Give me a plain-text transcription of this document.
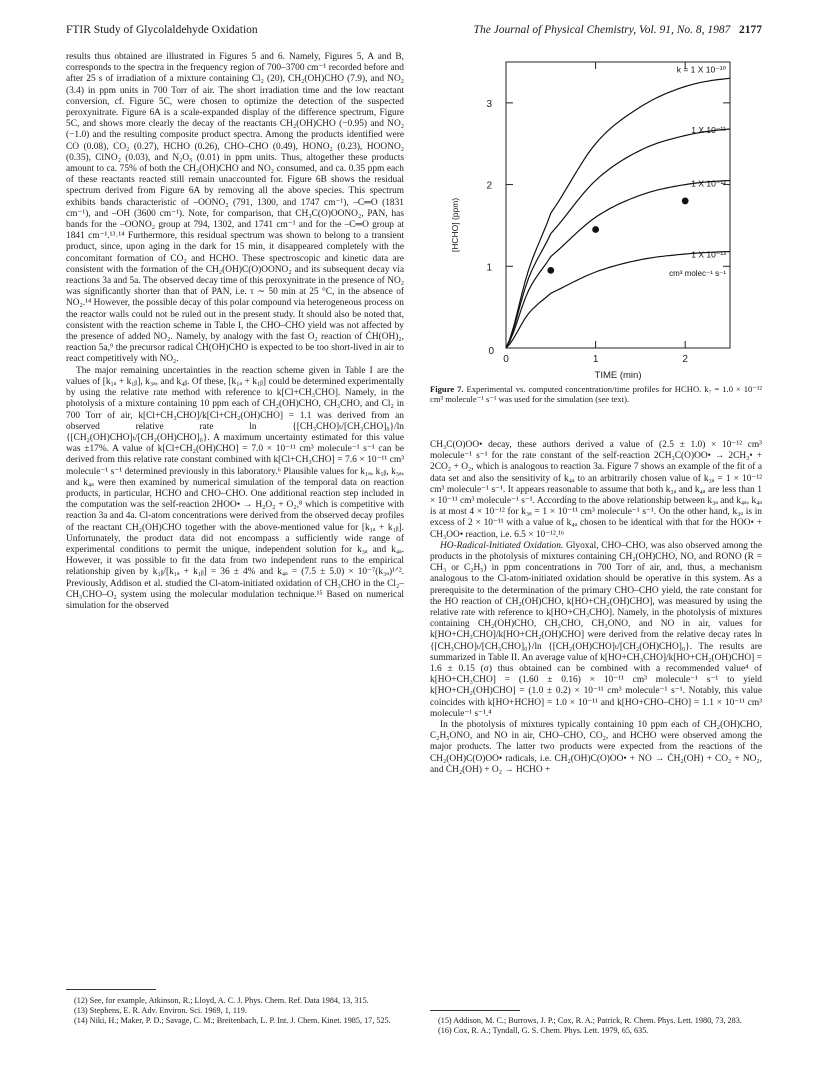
FTIR Study of Glycolaldehyde Oxidation	The Journal of Physical Chemistry, Vol. 91, No. 8, 1987 2177

results thus obtained are illustrated in Figures 5 and 6. Namely, Figures 5, A and B, corresponds to the spectra in the frequency region of 700–3700 cm⁻¹ recorded before and after 25 s of irradiation of a mixture containing Cl₂ (20), CH₂(OH)CHO (7.9), and NO₂ (3.4) in ppm units in 700 Torr of air. The short irradiation time and the low reactant conversion, cf. Figure 5C, were chosen to optimize the detection of the suspected peroxynitrate. Figure 6A is a scale-expanded display of the difference spectrum, Figure 5C, and shows more clearly the decay of the reactants CH₂(OH)CHO (−0.95) and NO₂ (−1.0) and the resulting composite product spectra. Among the products identified were CO (0.08), CO₂ (0.27), HCHO (0.26), CHO–CHO (0.49), HONO₂ (0.23), HOONO₂ (0.35), ClNO₂ (0.03), and N₂O₅ (0.01) in ppm units. Thus, altogether these products amount to ca. 75% of both the CH₂(OH)CHO and NO₂ consumed, and ca. 0.35 ppm each of these reactants reacted still remain unaccounted for. Figure 6B shows the residual spectrum derived from Figure 6A by removing all the above species. This spectrum exhibits bands characteristic of –OONO₂ (791, 1300, and 1747 cm⁻¹), –C═O (1831 cm⁻¹), and –OH (3600 cm⁻¹). Note, for comparison, that CH₃C(O)OONO₂, PAN, has bands for the –OONO₂ group at 794, 1302, and 1741 cm⁻¹ and for the –C═O group at 1841 cm⁻¹.¹³˒¹⁴ Furthermore, this residual spectrum was shown to belong to a transient product, since, upon aging in the dark for 15 min, it disappeared completely with the concomitant formation of CO₂ and HCHO. These spectroscopic and kinetic data are consistent with the formation of the CH₂(OH)C(O)OONO₂ and its subsequent decay via reactions 3a and 5a. The observed decay time of this peroxynitrate in the presence of NO₂ was significantly shorter than that of PAN, i.e. τ ∼ 50 min at 25 °C, in the absence of NO₂.¹⁴ However, the possible decay of this polar compound via heterogeneous process on the reactor walls could not be ruled out in the present study. It should also be noted that, consistent with the reaction scheme in Table I, the CHO–CHO yield was not affected by the presence of added NO₂. Namely, by analogy with the fast O₂ reaction of ĊH(OH)₂, reaction 5a,⁹ the precursor radical ĊH(OH)CHO is expected to be too short-lived in air to react competitively with NO₂.

The major remaining uncertainties in the reaction scheme given in Table I are the values of [k₁ₐ + k₁ᵦ], k₃ₐ, and k₄ᵦ. Of these, [k₁ₐ + k₁ᵦ] could be determined experimentally by using the relative rate method with reference to k[Cl+CH₃CHO]. Namely, in the photolysis of a mixture containing 10 ppm each of CH₂(OH)CHO, CH₃CHO, and Cl₂ in 700 Torr of air, k[Cl+CH₃CHO]/k[Cl+CH₂(OH)CHO] = 1.1 was derived from an observed relative rate ln {[CH₃CHO]ₜ/[CH₃CHO]₀}/ln {[CH₂(OH)CHO]ₜ/[CH₂(OH)CHO]₀}. A maximum uncertainty estimated for this value was ±17%. A value of k[Cl+CH₂(OH)CHO] = 7.0 × 10⁻¹¹ cm³ molecule⁻¹ s⁻¹ can be derived from this relative rate constant combined with k[Cl+CH₃CHO] = 7.6 × 10⁻¹¹ cm³ molecule⁻¹ s⁻¹ determined previously in this laboratory.⁶ Plausible values for k₁ₐ, k₁ᵦ, k₃ₐ, and k₄ₐ were then examined by numerical simulation of the temporal data on reaction products, in particular, HCHO and CHO–CHO. One additional reaction step included in the computation was the self-reaction 2HOO• → H₂O₂ + O₂,⁸ which is competitive with reaction 3a and 4a. Cl-atom concentrations were derived from the observed decay profiles of the reactant CH₂(OH)CHO together with the above-mentioned value for [k₁ₐ + k₁ᵦ]. Unfortunately, the product data did not encompass a sufficiently wide range of experimental conditions to permit the unique, independent solution for k₃ₐ and k₄ₐ. However, it was possible to fit the data from two independent runs to the empirical relationship given by k₁ᵦ/[k₁ₐ + k₁ᵦ] = 36 ± 4% and k₄ₐ = (7.5 ± 5.0) × 10⁻⁷(k₃ₐ)¹ᐟ². Previously, Addison et al. studied the Cl-atom-initiated oxidation of CH₃CHO in the Cl₂–CH₃CHO–O₂ system using the molecular modulation technique.¹⁵ Based on numerical simulation for the observed

(12) See, for example, Atkinson, R.; Lloyd, A. C. J. Phys. Chem. Ref. Data 1984, 13, 315.

(13) Stephens, E. R. Adv. Environ. Sci. 1969, 1, 119.

(14) Niki, H.; Maker, P. D.; Savage, C. M.; Breitenbach, L. P. Int. J. Chem. Kinet. 1985, 17, 525.

0	1	2
1
2
3
0
TIME (min)
[HCHO] (ppm)
k = 1 X 10⁻¹⁰
1 X 10⁻¹¹
1 X 10⁻¹²
1 X 10⁻¹³
cm³ molec⁻¹ s⁻¹
Figure 7. Experimental vs. computed concentration/time profiles for HCHO. k₇ = 1.0 × 10⁻¹² cm³ molecule⁻¹ s⁻¹ was used for the simulation (see text).

CH₃C(O)OO• decay, these authors derived a value of (2.5 ± 1.0) × 10⁻¹² cm³ molecule⁻¹ s⁻¹ for the rate constant of the self-reaction 2CH₃C(O)OO• → 2CH₃• + 2CO₂ + O₂, which is analogous to reaction 3a. Figure 7 shows an example of the fit of a data set and also the sensitivity of k₄ₐ to an arbitrarily chosen value of k₃ₐ = 1 × 10⁻¹² cm³ molecule⁻¹ s⁻¹. It appears reasonable to assume that both k₃ₐ and k₄ₐ are less than 1 × 10⁻¹¹ cm³ molecule⁻¹ s⁻¹. According to the above relationship between k₃ₐ and k₄ₐ, k₄ₐ is at most 4 × 10⁻¹² for k₃ₐ = 1 × 10⁻¹¹ cm³ molecule⁻¹ s⁻¹. On the other hand, k₃ₐ is in excess of 2 × 10⁻¹¹ with a value of k₄ₐ chosen to be identical with that for the HOO• + CH₃OO• reaction, i.e. 6.5 × 10⁻¹².¹⁶

HO-Radical-Initiated Oxidation. Glyoxal, CHO–CHO, was also observed among the products in the photolysis of mixtures containing CH₂(OH)CHO, NO, and RONO (R = CH₃ or C₂H₅) in ppm concentrations in 700 Torr of air, and, thus, a mechanism analogous to the Cl-atom-initiated oxidation should be operative in this system. As a prerequisite to the determination of the primary CHO–CHO yield, the rate constant for the HO reaction of CH₂(OH)CHO, k[HO+CH₂(OH)CHO], was measured by using the relative rate with reference to k[HO+CH₃CHO]. Namely, in the photolysis of mixtures containing CH₂(OH)CHO, CH₃CHO, CH₃ONO, and NO in air, values for k[HO+CH₃CHO]/k[HO+CH₂(OH)CHO] were derived from the relative decay rates ln {[CH₃CHO]ₜ/[CH₃CHO]₀}/ln {[CH₂(OH)CHO]ₜ/[CH₂(OH)CHO]₀}. The results are summarized in Table II. An average value of k[HO+CH₃CHO]/k[HO+CH₂(OH)CHO] = 1.6 ± 0.15 (σ) thus obtained can be combined with a recommended value⁴ of k[HO+CH₃CHO] = (1.60 ± 0.16) × 10⁻¹¹ cm³ molecule⁻¹ s⁻¹ to yield k[HO+CH₂(OH)CHO] = (1.0 ± 0.2) × 10⁻¹¹ cm³ molecule⁻¹ s⁻¹. Notably, this value coincides with k[HO+HCHO] = 1.0 × 10⁻¹¹ and k[HO+CHO–CHO] = 1.1 × 10⁻¹¹ cm³ molecule⁻¹ s⁻¹.⁴

In the photolysis of mixtures typically containing 10 ppm each of CH₂(OH)CHO, C₂H₅ONO, and NO in air, CHO–CHO, CO₂, and HCHO were observed among the major products. The latter two products were expected from the reactions of the CH₂(OH)C(O)OO• radicals, i.e. CH₂(OH)C(O)OO• + NO → ĊH₂(OH) + CO₂ + NO₂, and ĊH₂(OH) + O₂ → HCHO +

(15) Addison, M. C.; Burrows, J. P.; Cox, R. A.; Patrick, R. Chem. Phys. Lett. 1980, 73, 283.

(16) Cox, R. A.; Tyndall, G. S. Chem. Phys. Lett. 1979, 65, 635.
